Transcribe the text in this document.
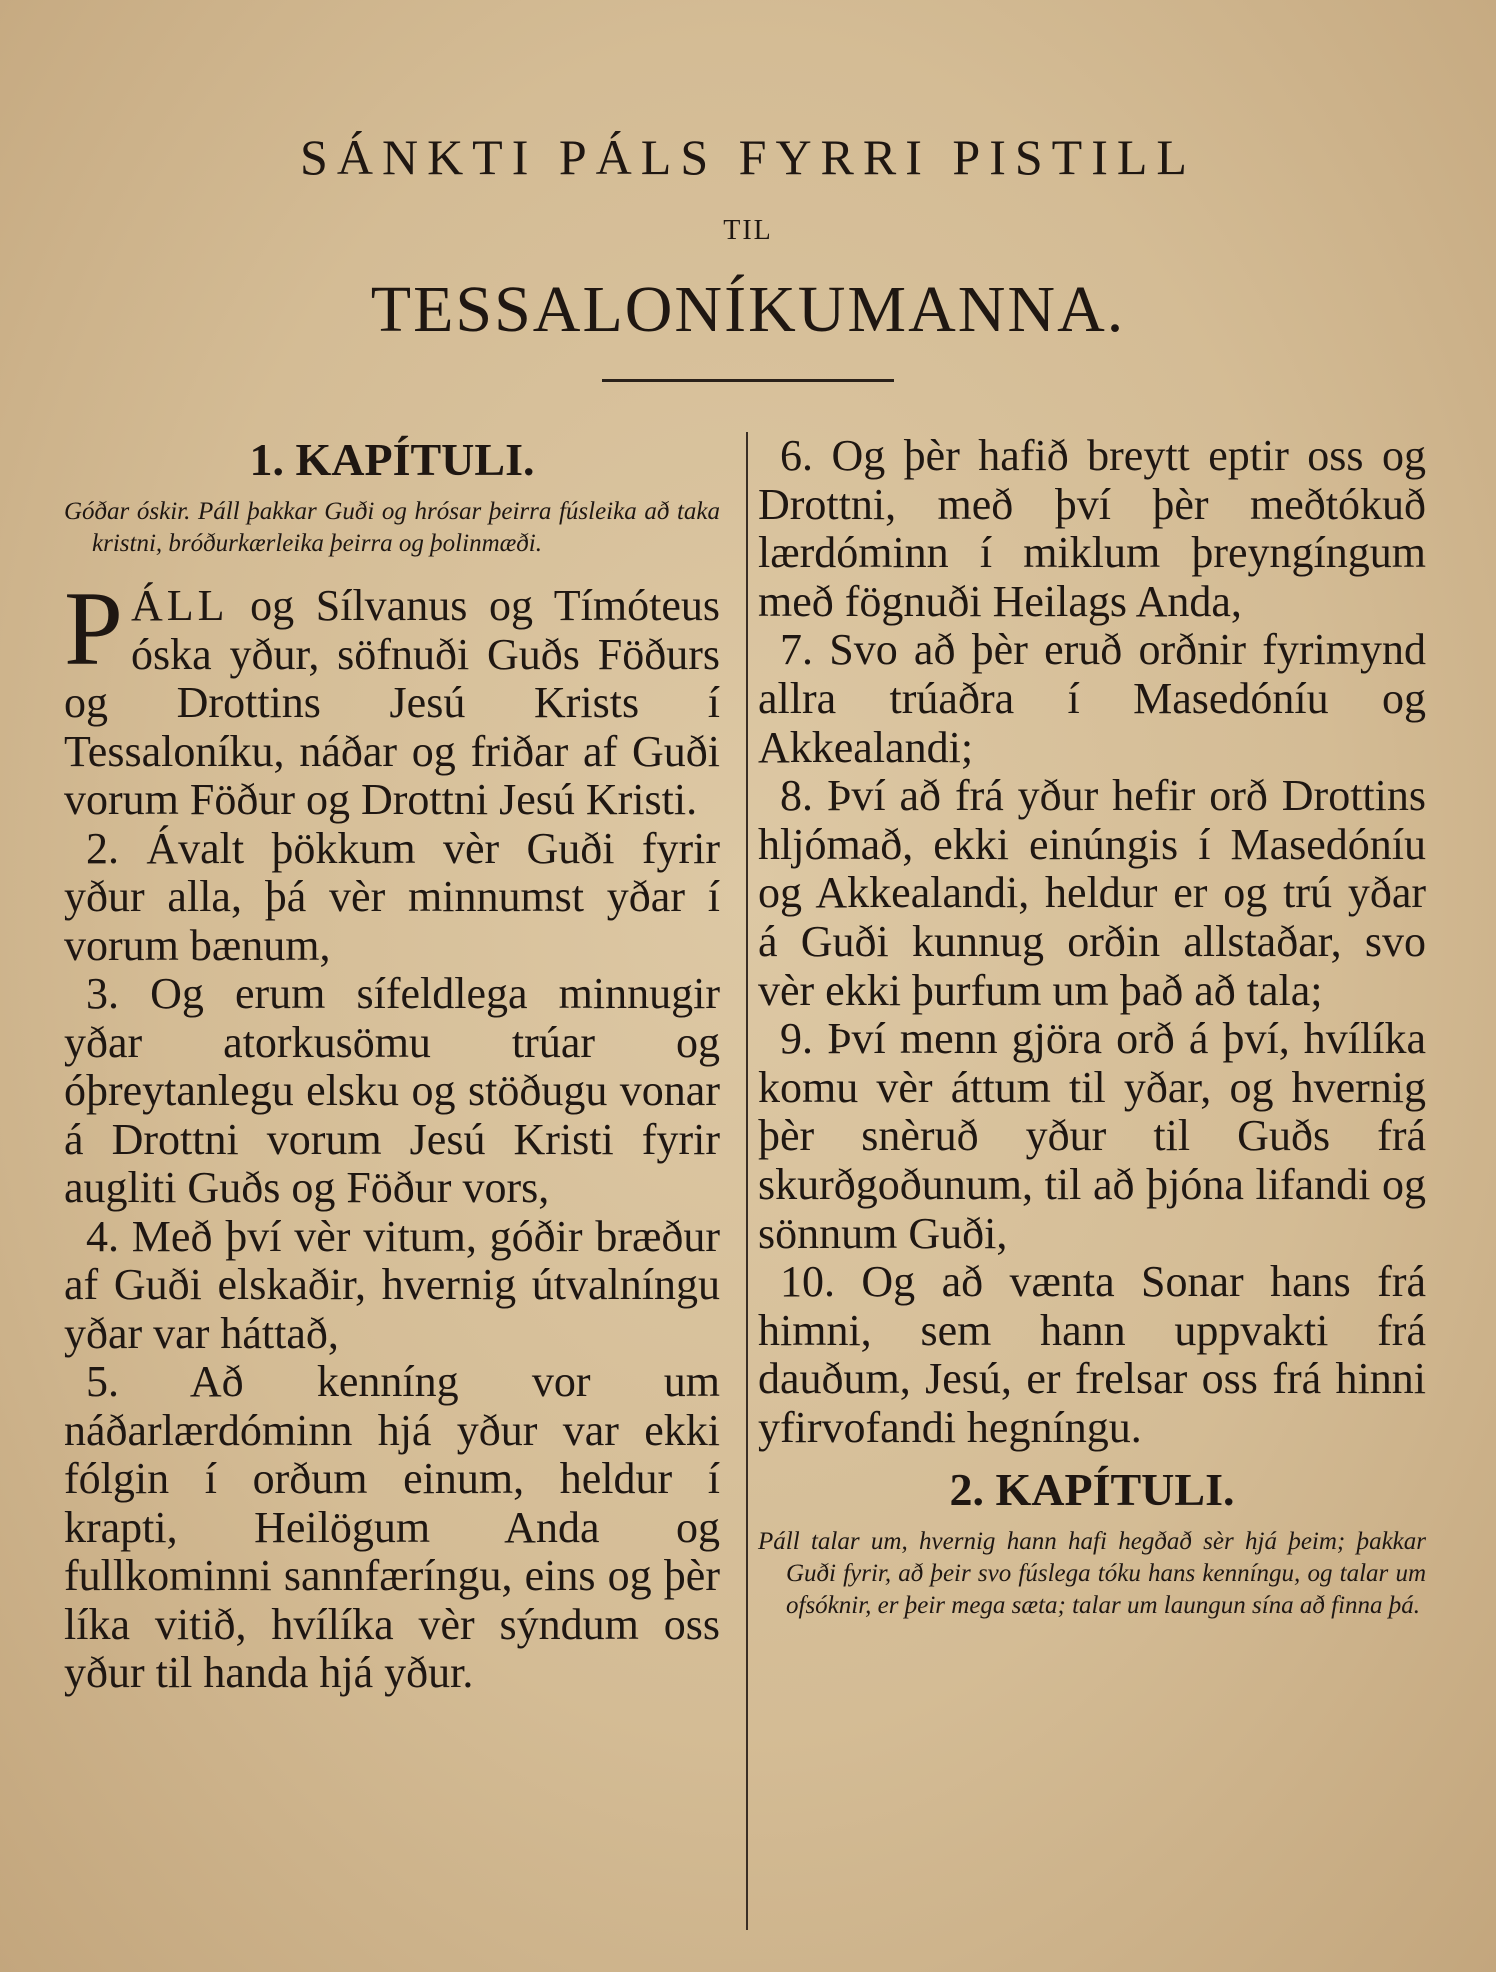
SÁNKTI PÁLS FYRRI PISTILL
TIL
TESSALONÍKUMANNA.
1. KAPÍTULI.

Góðar óskir. Páll þakkar Guði og hrósar þeirra fúsleika að taka kristni, bróðurkærleika þeirra og þolinmæði.

PÁLL og Sílvanus og Tímóteus óska yður, söfnuði Guðs Föðurs og Drottins Jesú Krists í Tessaloníku, náðar og friðar af Guði vorum Föður og Drottni Jesú Kristi.

2. Ávalt þökkum vèr Guði fyrir yður alla, þá vèr minnumst yðar í vorum bænum,

3. Og erum sífeldlega minnugir yðar atorkusömu trúar og óþreytanlegu elsku og stöðugu vonar á Drottni vorum Jesú Kristi fyrir augliti Guðs og Föður vors,

4. Með því vèr vitum, góðir bræður af Guði elskaðir, hvernig útvalníngu yðar var háttað,

5. Að kenníng vor um náðarlærdóminn hjá yður var ekki fólgin í orðum einum, heldur í krapti, Heilögum Anda og fullkominni sannfæríngu, eins og þèr líka vitið, hvílíka vèr sýndum oss yður til handa hjá yður.

6. Og þèr hafið breytt eptir oss og Drottni, með því þèr meðtókuð lærdóminn í miklum þreyngíngum með fögnuði Heilags Anda,

7. Svo að þèr eruð orðnir fyrimynd allra trúaðra í Masedóníu og Akkealandi;

8. Því að frá yður hefir orð Drottins hljómað, ekki einúngis í Masedóníu og Akkealandi, heldur er og trú yðar á Guði kunnug orðin allstaðar, svo vèr ekki þurfum um það að tala;

9. Því menn gjöra orð á því, hvílíka komu vèr áttum til yðar, og hvernig þèr snèruð yður til Guðs frá skurðgoðunum, til að þjóna lifandi og sönnum Guði,

10. Og að vænta Sonar hans frá himni, sem hann uppvakti frá dauðum, Jesú, er frelsar oss frá hinni yfirvofandi hegníngu.

2. KAPÍTULI.

Páll talar um, hvernig hann hafi hegðað sèr hjá þeim; þakkar Guði fyrir, að þeir svo fúslega tóku hans kenníngu, og talar um ofsóknir, er þeir mega sæta; talar um laungun sína að finna þá.
